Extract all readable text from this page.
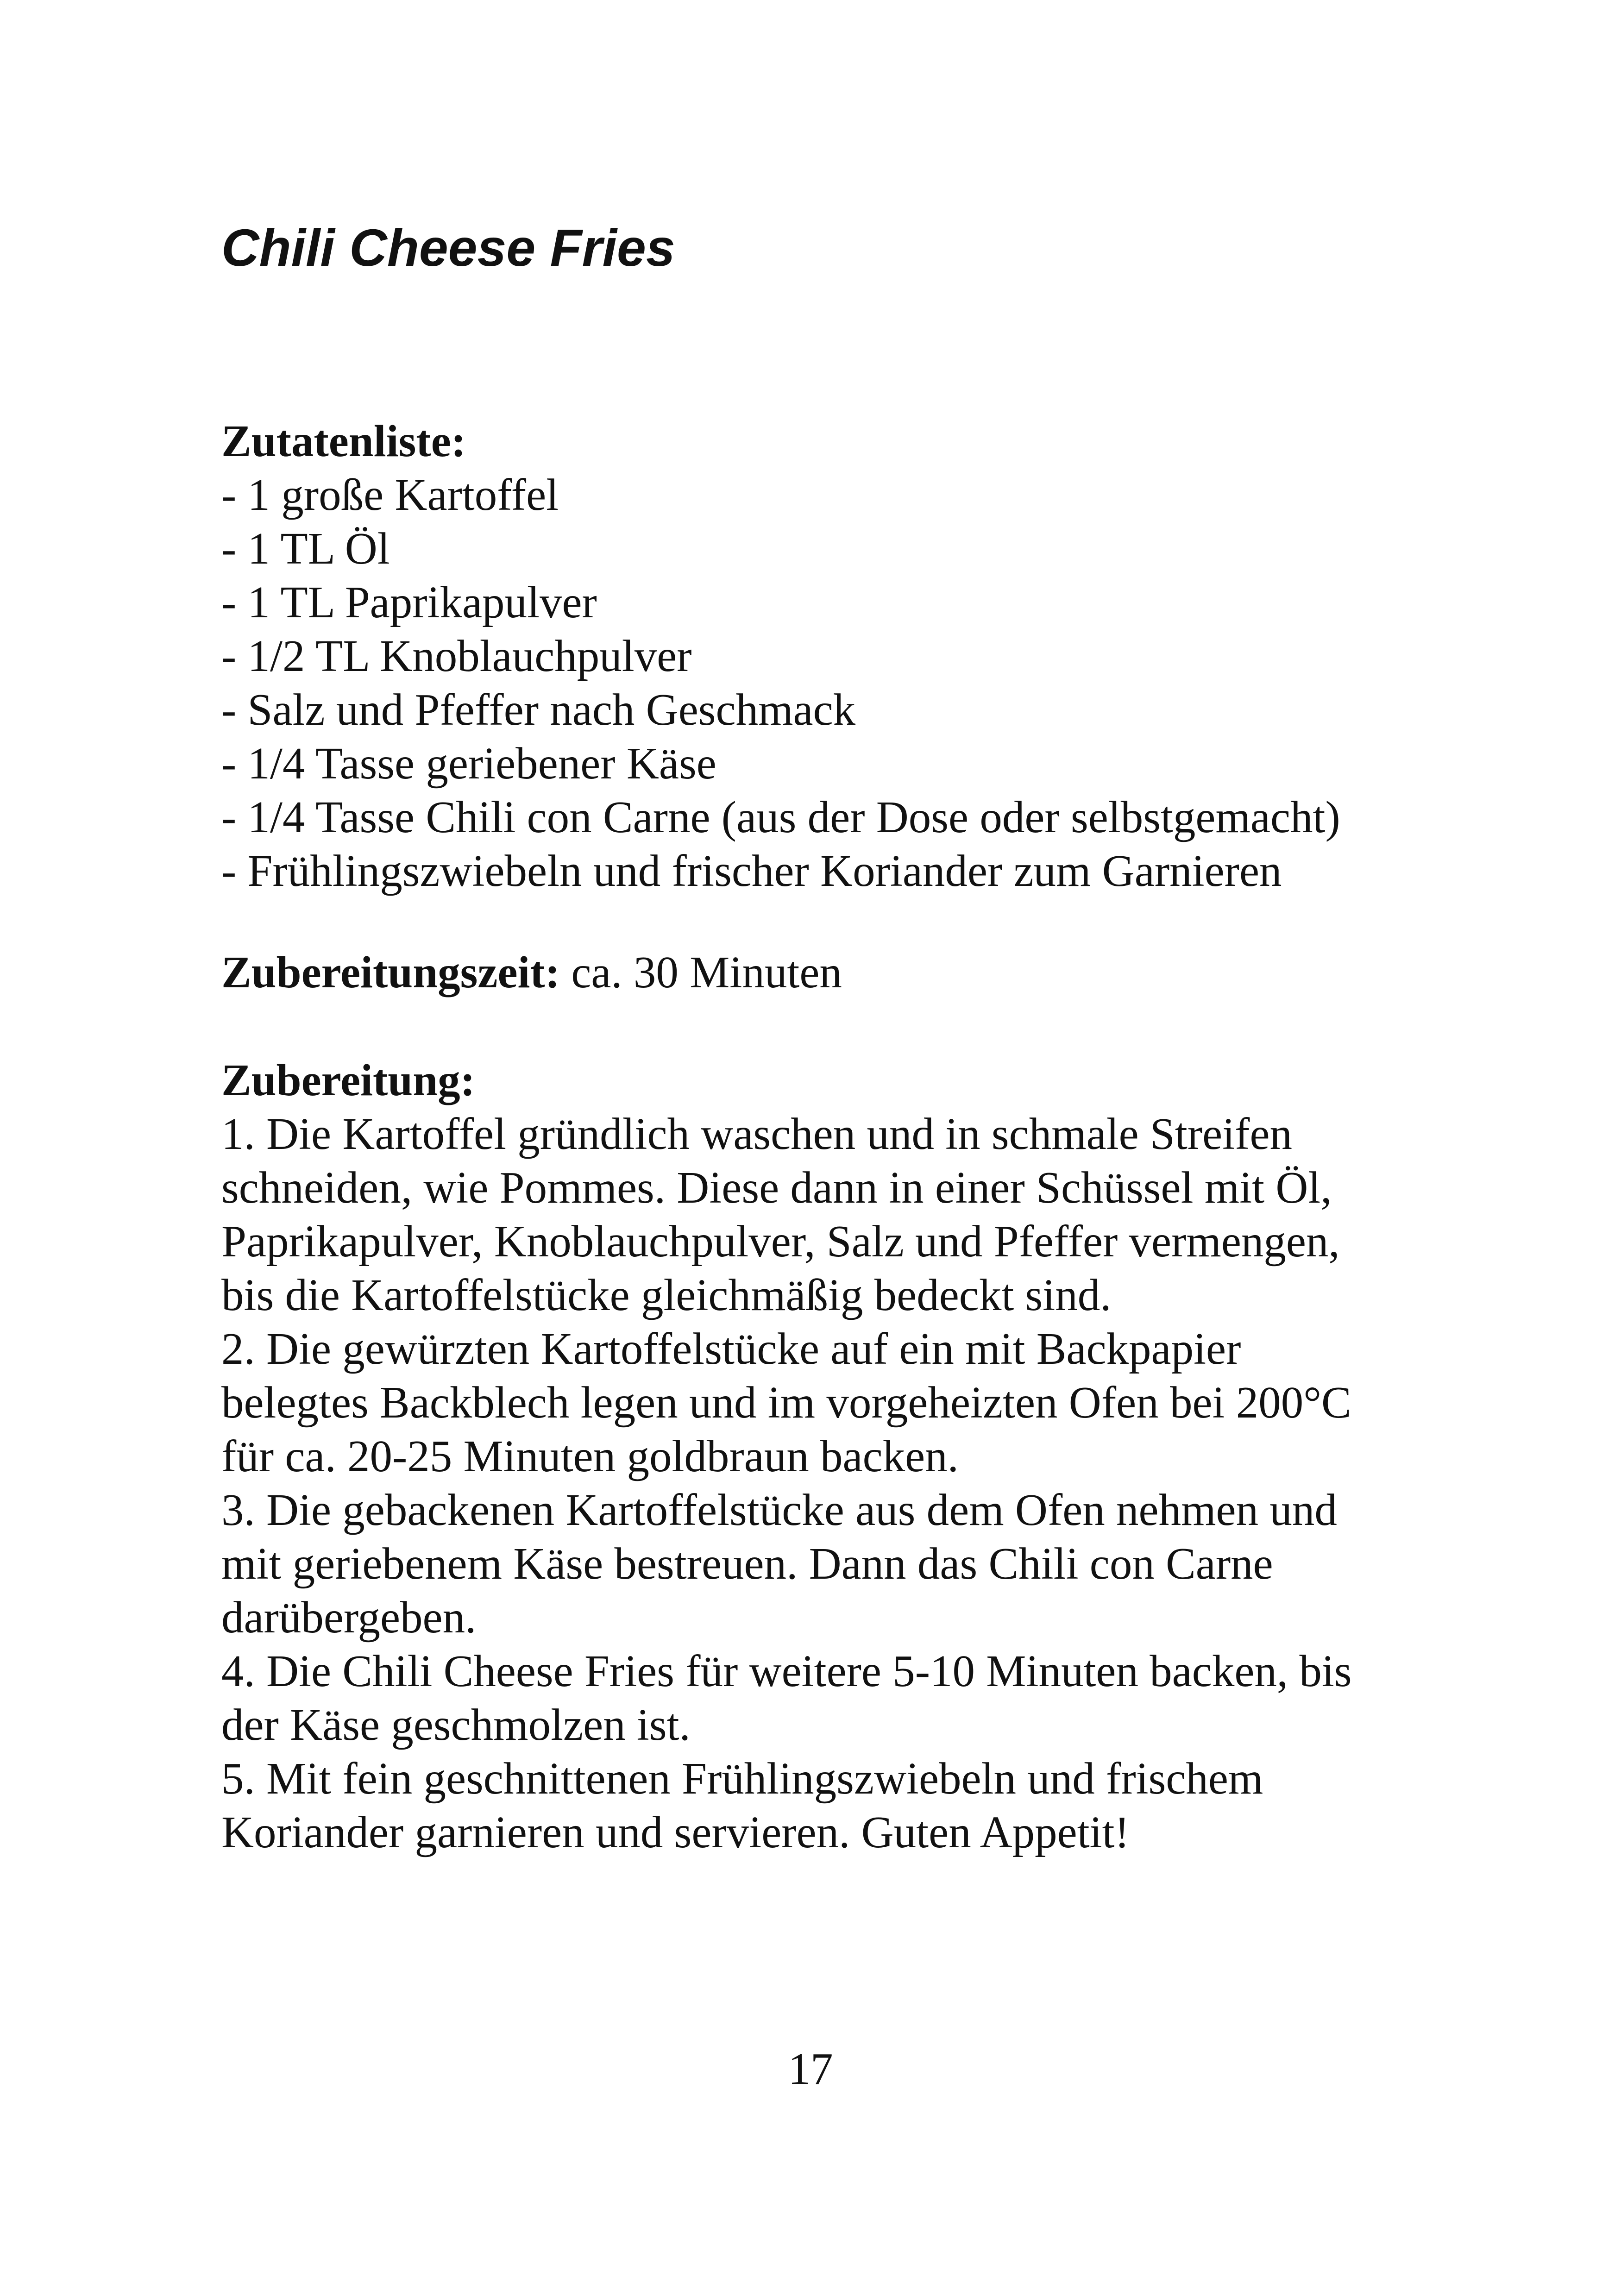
Chili Cheese Fries
Zutatenliste:
- 1 große Kartoffel
- 1 TL Öl
- 1 TL Paprikapulver
- 1/2 TL Knoblauchpulver
- Salz und Pfeffer nach Geschmack
- 1/4 Tasse geriebener Käse
- 1/4 Tasse Chili con Carne (aus der Dose oder selbstgemacht)
- Frühlingszwiebeln und frischer Koriander zum Garnieren
Zubereitungszeit: ca. 30 Minuten
Zubereitung:
1. Die Kartoffel gründlich waschen und in schmale Streifen
schneiden, wie Pommes. Diese dann in einer Schüssel mit Öl,
Paprikapulver, Knoblauchpulver, Salz und Pfeffer vermengen,
bis die Kartoffelstücke gleichmäßig bedeckt sind.
2. Die gewürzten Kartoffelstücke auf ein mit Backpapier
belegtes Backblech legen und im vorgeheizten Ofen bei 200°C
für ca. 20-25 Minuten goldbraun backen.
3. Die gebackenen Kartoffelstücke aus dem Ofen nehmen und
mit geriebenem Käse bestreuen. Dann das Chili con Carne
darübergeben.
4. Die Chili Cheese Fries für weitere 5-10 Minuten backen, bis
der Käse geschmolzen ist.
5. Mit fein geschnittenen Frühlingszwiebeln und frischem
Koriander garnieren und servieren. Guten Appetit!
17
